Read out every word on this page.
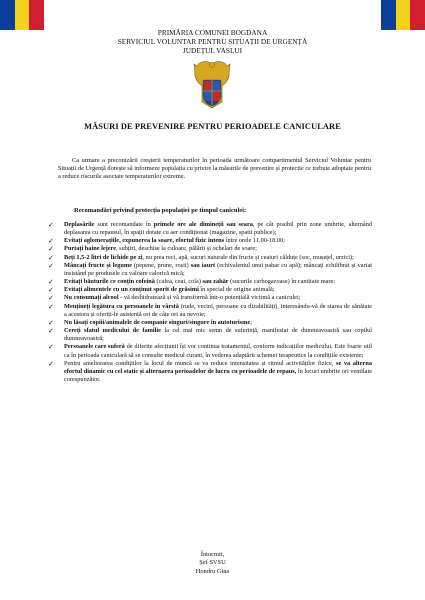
PRIMĂRIA COMUNEI BOGDANA
SERVICIUL VOLUNTAR PENTRU SITUAȚII DE URGENȚĂ
JUDEȚUL VASLUI
MĂSURI DE PREVENIRE PENTRU PERIOADELE CANICULARE

Ca urmare a preconizării creșterii temperaturilor în perioada următoare compartimentul Serviciul Voluntar pentru Situații de Urgență dorește să informeze populația cu privire la măsurile de prevenire și protecție ce trebuie adoptate pentru a reduce riscurile asociate temperaturilor extreme.

Recomandări privind protecția populației pe timpul caniculei:
✓ Deplasările sunt recomandate în primele ore ale dimineții sau seara, pe cât posibil prin zone umbrite, alternând deplasarea cu repausul, în spații dotate cu aer condiționat (magazine, spatii publice);
✓ Evitați aglomerațiile, expunerea la soare, efortul fizic intens între orele 11.00-18.00;
✓ Purtați haine lejere, subțiri, deschise la culoare, pălării și ochelari de soare;
✓ Beți 1,5-2 litri de lichide pe zi, nu prea reci, apă, sucuri naturale din fructe și ceaiuri călduțe (soc, mușețel, urzici);
✓ Mâncați fructe și legume (pepene, prune, roșii) sau iaurt (echivalentul unui pahar cu apă); mâncați echilibrat și variat insistând pe produsele cu valoare calorică mică;
✓ Evitați băuturile ce conțin cofeină (cafea, ceai, cola) sau zahăr (sucurile carbogazoase) în cantitate mare;
✓ Evitați alimentele cu un conținut sporit de grăsimi în special de origine animală;
✓ Nu consumați alcool - vă deshidratează și vă transformă într-o potențială victimă a caniculei;
✓ Mențineți legătura cu persoanele în vârstă (rude, vecini, persoane cu dizabilități), interesându-vă de starea de sănătate a acestora și oferiți-le asistență ori de câte ori au nevoie;
✓ Nu lăsați copiii/animalele de companie singuri/singure în autoturisme;
✓ Cereți sfatul medicului de familie la cel mai mic semn de suferință, manifestat de dumneavoastră sau copilul dumneavoastră;
✓ Persoanele care suferă de diferite afecțiunii își vor continua tratamentul, conform indicațiilor medicului. Este foarte util ca în perioada caniculară să se consulte medicul curant, în vederea adaptării schemei terapeutice la condițiile existente;
✓ Pentru ameliorarea condițiilor la locul de muncă se va reduce intensitatea și ritmul activităților fizice, se va alterna efortul dinamic cu cel static și alternarea perioadelor de lucru cu perioadele de repaus, în locuri umbrite ori ventilate corespunzător.
Întocmit,
Șef SVSU
Hondru Gina
